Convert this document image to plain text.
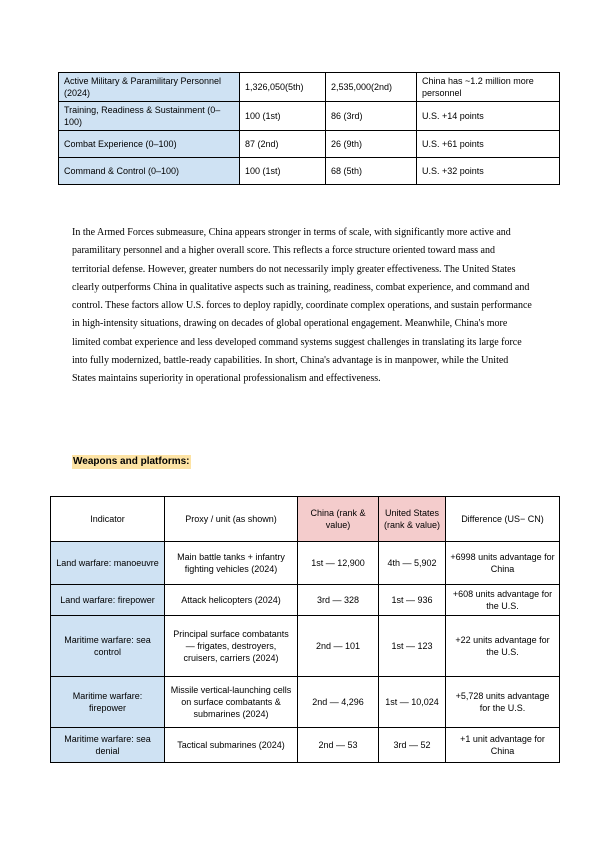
Active Military & Paramilitary Personnel (2024)	1,326,050(5th)	2,535,000(2nd)	China has ~1.2 million more personnel
Training, Readiness & Sustainment (0–100)	100 (1st)	86 (3rd)	U.S. +14 points
Combat Experience (0–100)	87 (2nd)	26 (9th)	U.S. +61 points
Command & Control (0–100)	100 (1st)	68 (5th)	U.S. +32 points

In the Armed Forces submeasure, China appears stronger in terms of scale, with significantly more active and paramilitary personnel and a higher overall score. This reflects a force structure oriented toward mass and territorial defense. However, greater numbers do not necessarily imply greater effectiveness. The United States clearly outperforms China in qualitative aspects such as training, readiness, combat experience, and command and control. These factors allow U.S. forces to deploy rapidly, coordinate complex operations, and sustain performance in high-intensity situations, drawing on decades of global operational engagement. Meanwhile, China's more limited combat experience and less developed command systems suggest challenges in translating its large force into fully modernized, battle-ready capabilities. In short, China's advantage is in manpower, while the United States maintains superiority in operational professionalism and effectiveness.

Weapons and platforms:
Indicator	Proxy / unit (as shown)	China (rank & value)	United States (rank & value)	Difference (US− CN)
Land warfare: manoeuvre	Main battle tanks + infantry fighting vehicles (2024)	1st — 12,900	4th — 5,902	+6998 units advantage for China
Land warfare: firepower	Attack helicopters (2024)	3rd — 328	1st — 936	+608 units advantage for the U.S.
Maritime warfare: sea control	Principal surface combatants — frigates, destroyers, cruisers, carriers (2024)	2nd — 101	1st — 123	+22 units advantage for the U.S.
Maritime warfare: firepower	Missile vertical-launching cells on surface combatants & submarines (2024)	2nd — 4,296	1st — 10,024	+5,728 units advantage for the U.S.
Maritime warfare: sea denial	Tactical submarines (2024)	2nd — 53	3rd — 52	+1 unit advantage for China
